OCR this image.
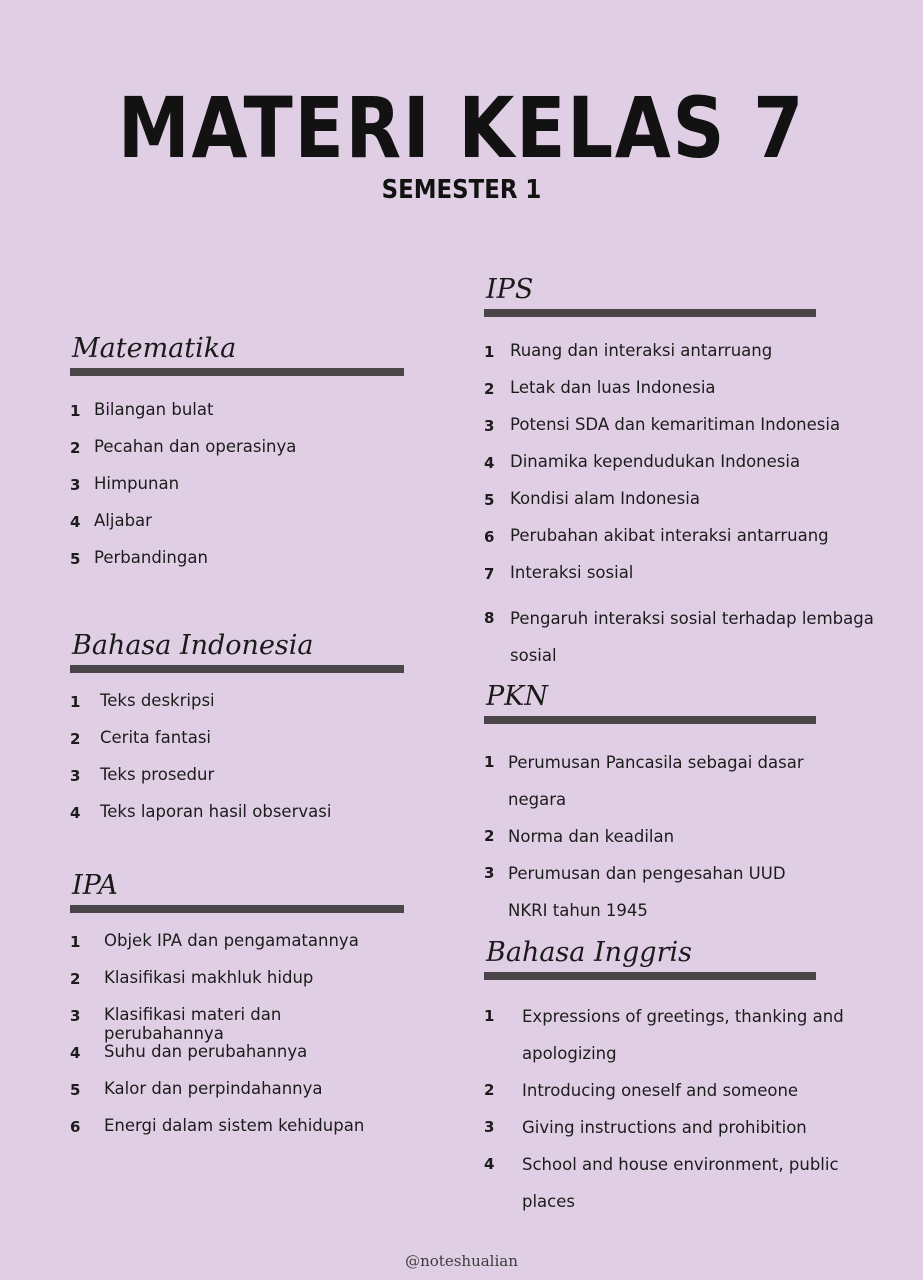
MATERI KELAS 7
SEMESTER 1
Matematika
1 Bilangan bulat
2 Pecahan dan operasinya
3 Himpunan
4 Aljabar
5 Perbandingan
Bahasa Indonesia
1	Teks deskripsi
2	Cerita fantasi
3	Teks prosedur
4	Teks laporan hasil observasi
IPA
1	Objek IPA dan pengamatannya
2	Klasifikasi makhluk hidup
3	Klasifikasi materi dan perubahannya
4	Suhu dan perubahannya
5	Kalor dan perpindahannya
6	Energi dalam sistem kehidupan
IPS
1 Ruang dan interaksi antarruang
2 Letak dan luas Indonesia
3 Potensi SDA dan kemaritiman Indonesia
4 Dinamika kependudukan Indonesia
5 Kondisi alam Indonesia
6 Perubahan akibat interaksi antarruang
7 Interaksi sosial
8 Pengaruh interaksi sosial terhadap lembaga sosial
PKN
1 Perumusan Pancasila sebagai dasar negara
2 Norma dan keadilan
3 Perumusan dan pengesahan UUD NKRI tahun 1945
Bahasa Inggris
1	Expressions of greetings, thanking and apologizing
2	Introducing oneself and someone
3	Giving instructions and prohibition
4	School and house environment, public places
@noteshualian
